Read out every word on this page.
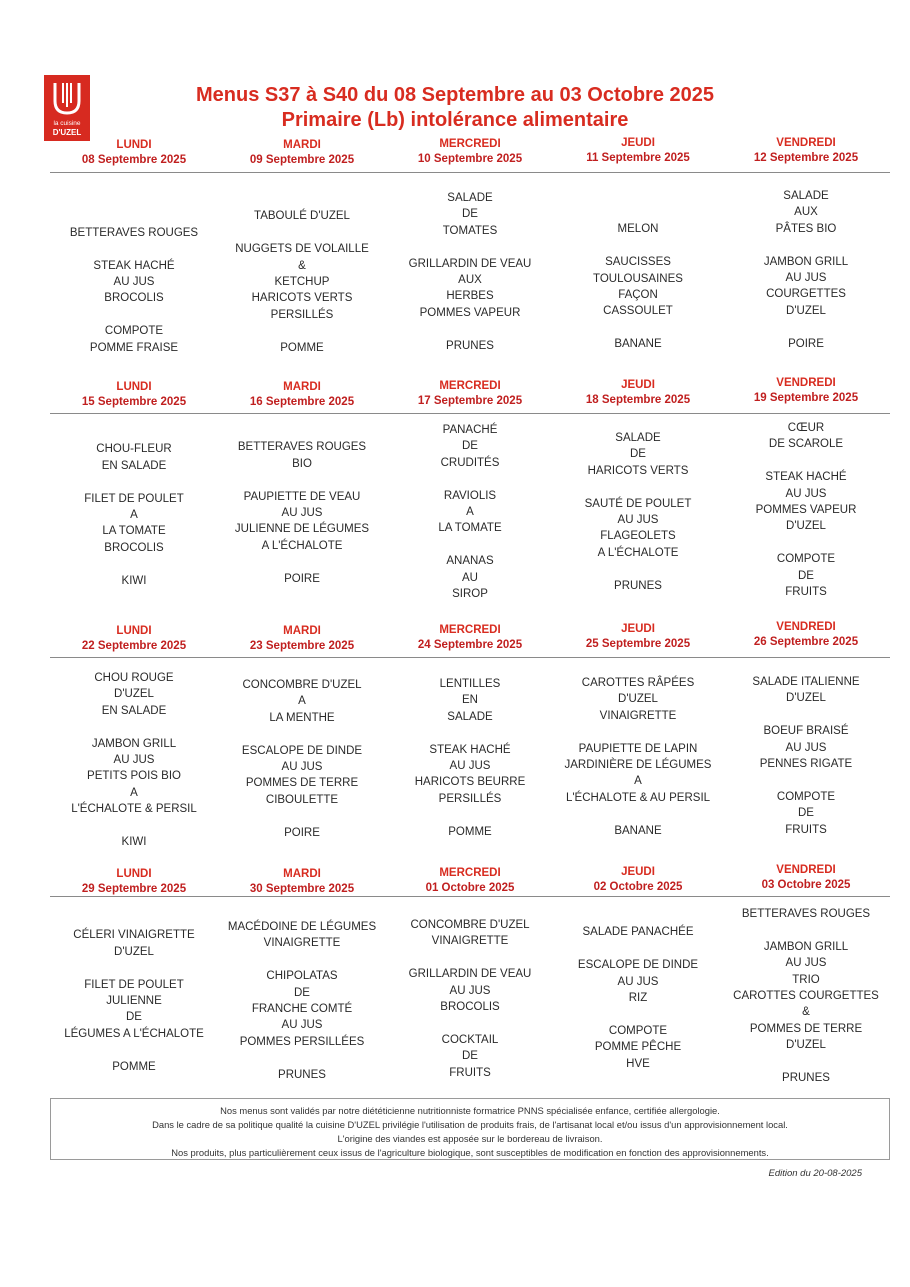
la cuisine
D'UZEL
Menus S37 à S40 du 08 Septembre au 03 Octobre 2025
Primaire (Lb) intolérance alimentaire
LUNDI
08 Septembre 2025
MARDI
09 Septembre 2025
MERCREDI
10 Septembre 2025
JEUDI
11 Septembre 2025
VENDREDI
12 Septembre 2025
BETTERAVES ROUGES
STEAK HACHÉ
AU JUS
BROCOLIS
COMPOTE
POMME FRAISE
TABOULÉ D'UZEL
NUGGETS DE VOLAILLE
&
KETCHUP
HARICOTS VERTS
PERSILLÉS
POMME
SALADE
DE
TOMATES
GRILLARDIN DE VEAU
AUX
HERBES
POMMES VAPEUR
PRUNES
MELON
SAUCISSES
TOULOUSAINES
FAÇON
CASSOULET
BANANE
SALADE
AUX
PÂTES BIO
JAMBON GRILL
AU JUS
COURGETTES
D'UZEL
POIRE
LUNDI
15 Septembre 2025
MARDI
16 Septembre 2025
MERCREDI
17 Septembre 2025
JEUDI
18 Septembre 2025
VENDREDI
19 Septembre 2025
CHOU-FLEUR
EN SALADE
FILET DE POULET
A
LA TOMATE
BROCOLIS
KIWI
BETTERAVES ROUGES
BIO
PAUPIETTE DE VEAU
AU JUS
JULIENNE DE LÉGUMES
A L'ÉCHALOTE
POIRE
PANACHÉ
DE
CRUDITÉS
RAVIOLIS
A
LA TOMATE
ANANAS
AU
SIROP
SALADE
DE
HARICOTS VERTS
SAUTÉ DE POULET
AU JUS
FLAGEOLETS
A L'ÉCHALOTE
PRUNES
CŒUR
DE SCAROLE
STEAK HACHÉ
AU JUS
POMMES VAPEUR
D'UZEL
COMPOTE
DE
FRUITS
LUNDI
22 Septembre 2025
MARDI
23 Septembre 2025
MERCREDI
24 Septembre 2025
JEUDI
25 Septembre 2025
VENDREDI
26 Septembre 2025
CHOU ROUGE
D'UZEL
EN SALADE
JAMBON GRILL
AU JUS
PETITS POIS BIO
A
L'ÉCHALOTE & PERSIL
KIWI
CONCOMBRE D'UZEL
A
LA MENTHE
ESCALOPE DE DINDE
AU JUS
POMMES DE TERRE
CIBOULETTE
POIRE
LENTILLES
EN
SALADE
STEAK HACHÉ
AU JUS
HARICOTS BEURRE
PERSILLÉS
POMME
CAROTTES RÂPÉES
D'UZEL
VINAIGRETTE
PAUPIETTE DE LAPIN
JARDINIÈRE DE LÉGUMES
A
L'ÉCHALOTE & AU PERSIL
BANANE
SALADE ITALIENNE
D'UZEL
BOEUF BRAISÉ
AU JUS
PENNES RIGATE
COMPOTE
DE
FRUITS
LUNDI
29 Septembre 2025
MARDI
30 Septembre 2025
MERCREDI
01 Octobre 2025
JEUDI
02 Octobre 2025
VENDREDI
03 Octobre 2025
CÉLERI VINAIGRETTE
D'UZEL
FILET DE POULET
JULIENNE
DE
LÉGUMES A L'ÉCHALOTE
POMME
MACÉDOINE DE LÉGUMES
VINAIGRETTE
CHIPOLATAS
DE
FRANCHE COMTÉ
AU JUS
POMMES PERSILLÉES
PRUNES
CONCOMBRE D'UZEL
VINAIGRETTE
GRILLARDIN DE VEAU
AU JUS
BROCOLIS
COCKTAIL
DE
FRUITS
SALADE PANACHÉE
ESCALOPE DE DINDE
AU JUS
RIZ
COMPOTE
POMME PÊCHE
HVE
BETTERAVES ROUGES
JAMBON GRILL
AU JUS
TRIO
CAROTTES COURGETTES
&
POMMES DE TERRE
D'UZEL
PRUNES
Nos menus sont validés par notre diététicienne nutritionniste formatrice PNNS spécialisée enfance, certifiée allergologie.
Dans le cadre de sa politique qualité la cuisine D'UZEL privilégie l'utilisation de produits frais, de l'artisanat local et/ou issus d'un approvisionnement local.
L'origine des viandes est apposée sur le bordereau de livraison.
Nos produits, plus particulièrement ceux issus de l'agriculture biologique, sont susceptibles de modification en fonction des approvisionnements.
Edition du 20-08-2025
